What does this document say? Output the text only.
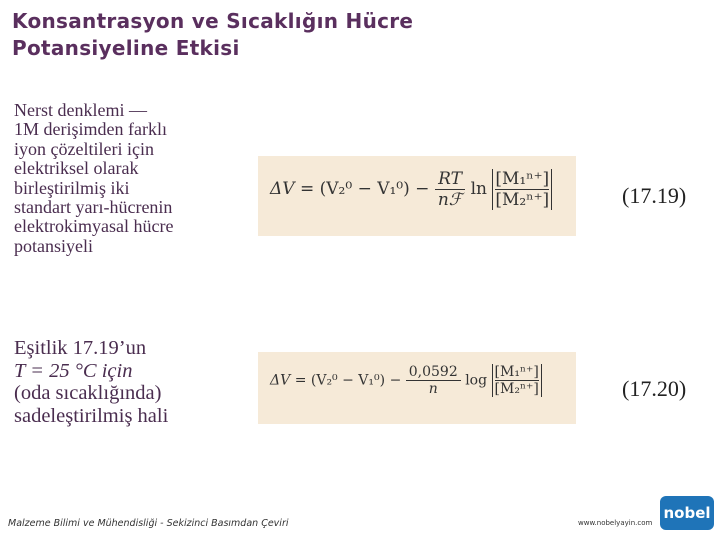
Konsantrasyon ve Sıcaklığın Hücre
Potansiyeline Etkisi
Nerst denklemi —
1M derişimden farklı
iyon çözeltileri için
elektriksel olarak
birleştirilmiş iki
standart yarı-hücrenin
elektrokimyasal hücre
potansiyeli
$\Delta V = (V_2^0 - V_1^0) - \frac{RT}{\text{nℱ}}$ $\ln \frac{\text{[M₁ⁿ⁺]}}{\text{[M₂ⁿ⁺]}}$	(17.19)
Eşitlik 17.19’un
T = 25 °C için
(oda sıcaklığında)
sadeleştirilmiş hali
$\Delta V = (V_2^0 - V_1^0) - \frac{0,0592}{n}$ $\log \frac{\text{[M₁ⁿ⁺]}}{\text{[M₂ⁿ⁺]}}$	(17.20)
Malzeme Bilimi ve Mühendisliği - Sekizinci Basımdan Çeviri	www.nobelyayin.com
nobel
